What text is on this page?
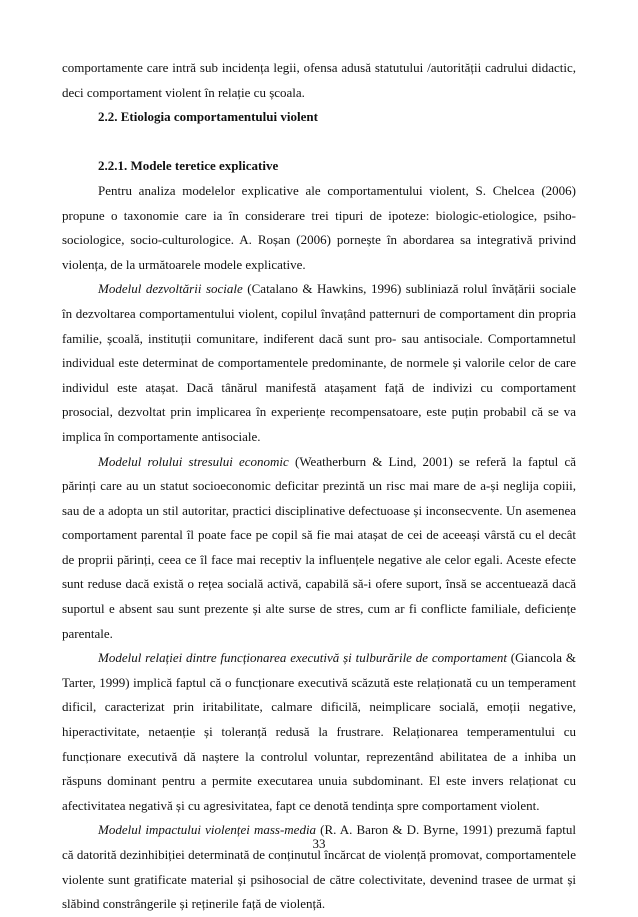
comportamente care intră sub incidența legii, ofensa adusă statutului /autorității cadrului didactic, deci comportament violent în relație cu școala.

2.2. Etiologia comportamentului violent

2.2.1. Modele teretice explicative

Pentru analiza modelelor explicative ale comportamentului violent, S. Chelcea (2006) propune o taxonomie care ia în considerare trei tipuri de ipoteze: biologic-etiologice, psiho-sociologice, socio-culturologice. A. Roșan (2006) pornește în abordarea sa integrativă privind violența, de la următoarele modele explicative.

Modelul dezvoltării sociale (Catalano & Hawkins, 1996) subliniază rolul învățării sociale în dezvoltarea comportamentului violent, copilul învațând patternuri de comportament din propria familie, școală, instituții comunitare, indiferent dacă sunt pro- sau antisociale. Comportamnetul individual este determinat de comportamentele predominante, de normele și valorile celor de care individul este atașat. Dacă tânărul manifestă atașament față de indivizi cu comportament prosocial, dezvoltat prin implicarea în experiențe recompensatoare, este puțin probabil că se va implica în comportamente antisociale.

Modelul rolului stresului economic (Weatherburn & Lind, 2001) se referă la faptul că părinți care au un statut socioeconomic deficitar prezintă un risc mai mare de a-și neglija copiii, sau de a adopta un stil autoritar, practici disciplinative defectuoase și inconsecvente. Un asemenea comportament parental îl poate face pe copil să fie mai atașat de cei de aceeași vârstă cu el decât de proprii părinți, ceea ce îl face mai receptiv la influențele negative ale celor egali. Aceste efecte sunt reduse dacă există o rețea socială activă, capabilă să-i ofere suport, însă se accentuează dacă suportul e absent sau sunt prezente și alte surse de stres, cum ar fi conflicte familiale, deficiențe parentale.

Modelul relației dintre funcționarea executivă și tulburările de comportament (Giancola & Tarter, 1999) implică faptul că o funcționare executivă scăzută este relaționată cu un temperament dificil, caracterizat prin iritabilitate, calmare dificilă, neimplicare socială, emoții negative, hiperactivitate, netaenție și toleranță redusă la frustrare. Relaționarea temperamentului cu funcționare executivă dă naștere la controlul voluntar, reprezentând abilitatea de a inhiba un răspuns dominant pentru a permite executarea unuia subdominant. El este invers relaționat cu afectivitatea negativă și cu agresivitatea, fapt ce denotă tendința spre comportament violent.

Modelul impactului violenței mass-media (R. A. Baron & D. Byrne, 1991) prezumă faptul că datorită dezinhibiției determinată de conținutul încărcat de violență promovat, comportamentele violente sunt gratificate material și psihosocial de către colectivitate, devenind trasee de urmat și slăbind constrângerile și reținerile față de violență.

33
